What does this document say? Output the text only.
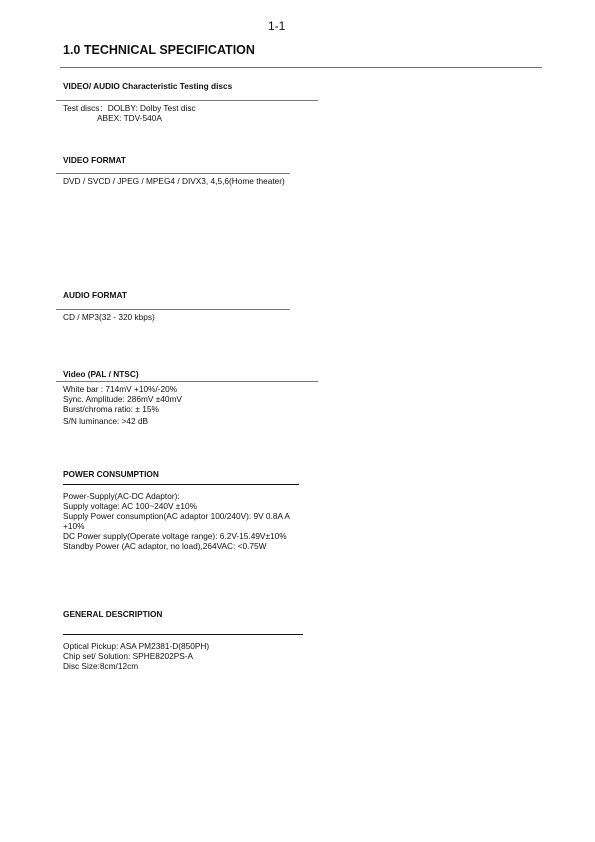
1-1
1.0 TECHNICAL SPECIFICATION
VIDEO/ AUDIO Characteristic Testing discs
Test discs：DOLBY: Dolby Test disc
ABEX: TDV-540A
VIDEO FORMAT
DVD / SVCD / JPEG / MPEG4 / DIVX3, 4,5,6(Home theater)
AUDIO FORMAT
CD / MP3(32 - 320 kbps)
Video (PAL / NTSC)
White bar : 714mV +10%/-20%
Sync. Amplitude: 286mV ±40mV
Burst/chroma ratio: ± 15%
S/N luminance: >42 dB
POWER CONSUMPTION
Power-Supply(AC-DC Adaptor):
Supply voltage: AC 100~240V ±10%
Supply Power consumption(AC adaptor 100/240V): 9V 0.8A A +10%
DC Power supply(Operate voltage range): 6.2V-15.49V±10%
Standby Power (AC adaptor, no load),264VAC: <0.75W
GENERAL DESCRIPTION
Optical Pickup: ASA PM2381-D(850PH)
Chip set/ Solution: SPHE8202PS-A
Disc Size:8cm/12cm
